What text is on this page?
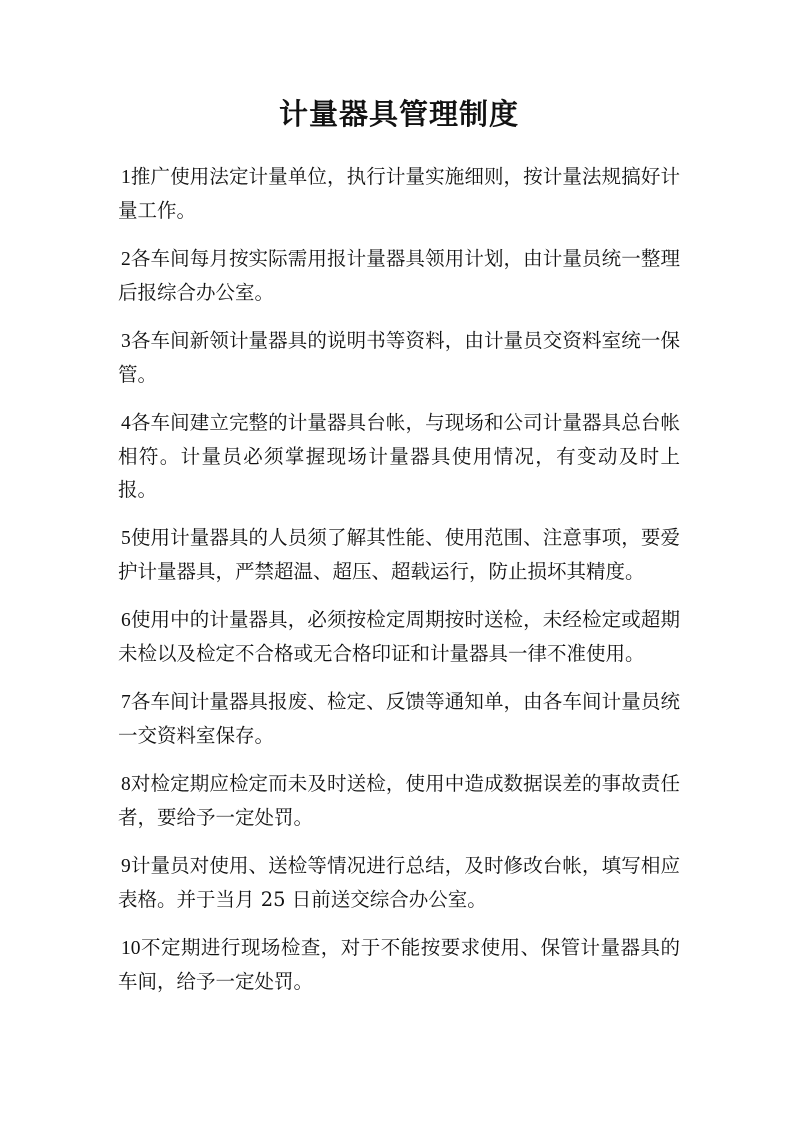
计量器具管理制度
1推广使用法定计量单位，执行计量实施细则，按计量法规搞好计量工作。
2各车间每月按实际需用报计量器具领用计划，由计量员统一整理后报综合办公室。
3各车间新领计量器具的说明书等资料，由计量员交资料室统一保管。
4各车间建立完整的计量器具台帐，与现场和公司计量器具总台帐相符。计量员必须掌握现场计量器具使用情况，有变动及时上报。
5使用计量器具的人员须了解其性能、使用范围、注意事项，要爱护计量器具，严禁超温、超压、超载运行，防止损坏其精度。
6使用中的计量器具，必须按检定周期按时送检，未经检定或超期未检以及检定不合格或无合格印证和计量器具一律不准使用。
7各车间计量器具报废、检定、反馈等通知单，由各车间计量员统一交资料室保存。
8对检定期应检定而未及时送检，使用中造成数据误差的事故责任者，要给予一定处罚。
9计量员对使用、送检等情况进行总结，及时修改台帐，填写相应表格。并于当月 25 日前送交综合办公室。
10不定期进行现场检查，对于不能按要求使用、保管计量器具的车间，给予一定处罚。
